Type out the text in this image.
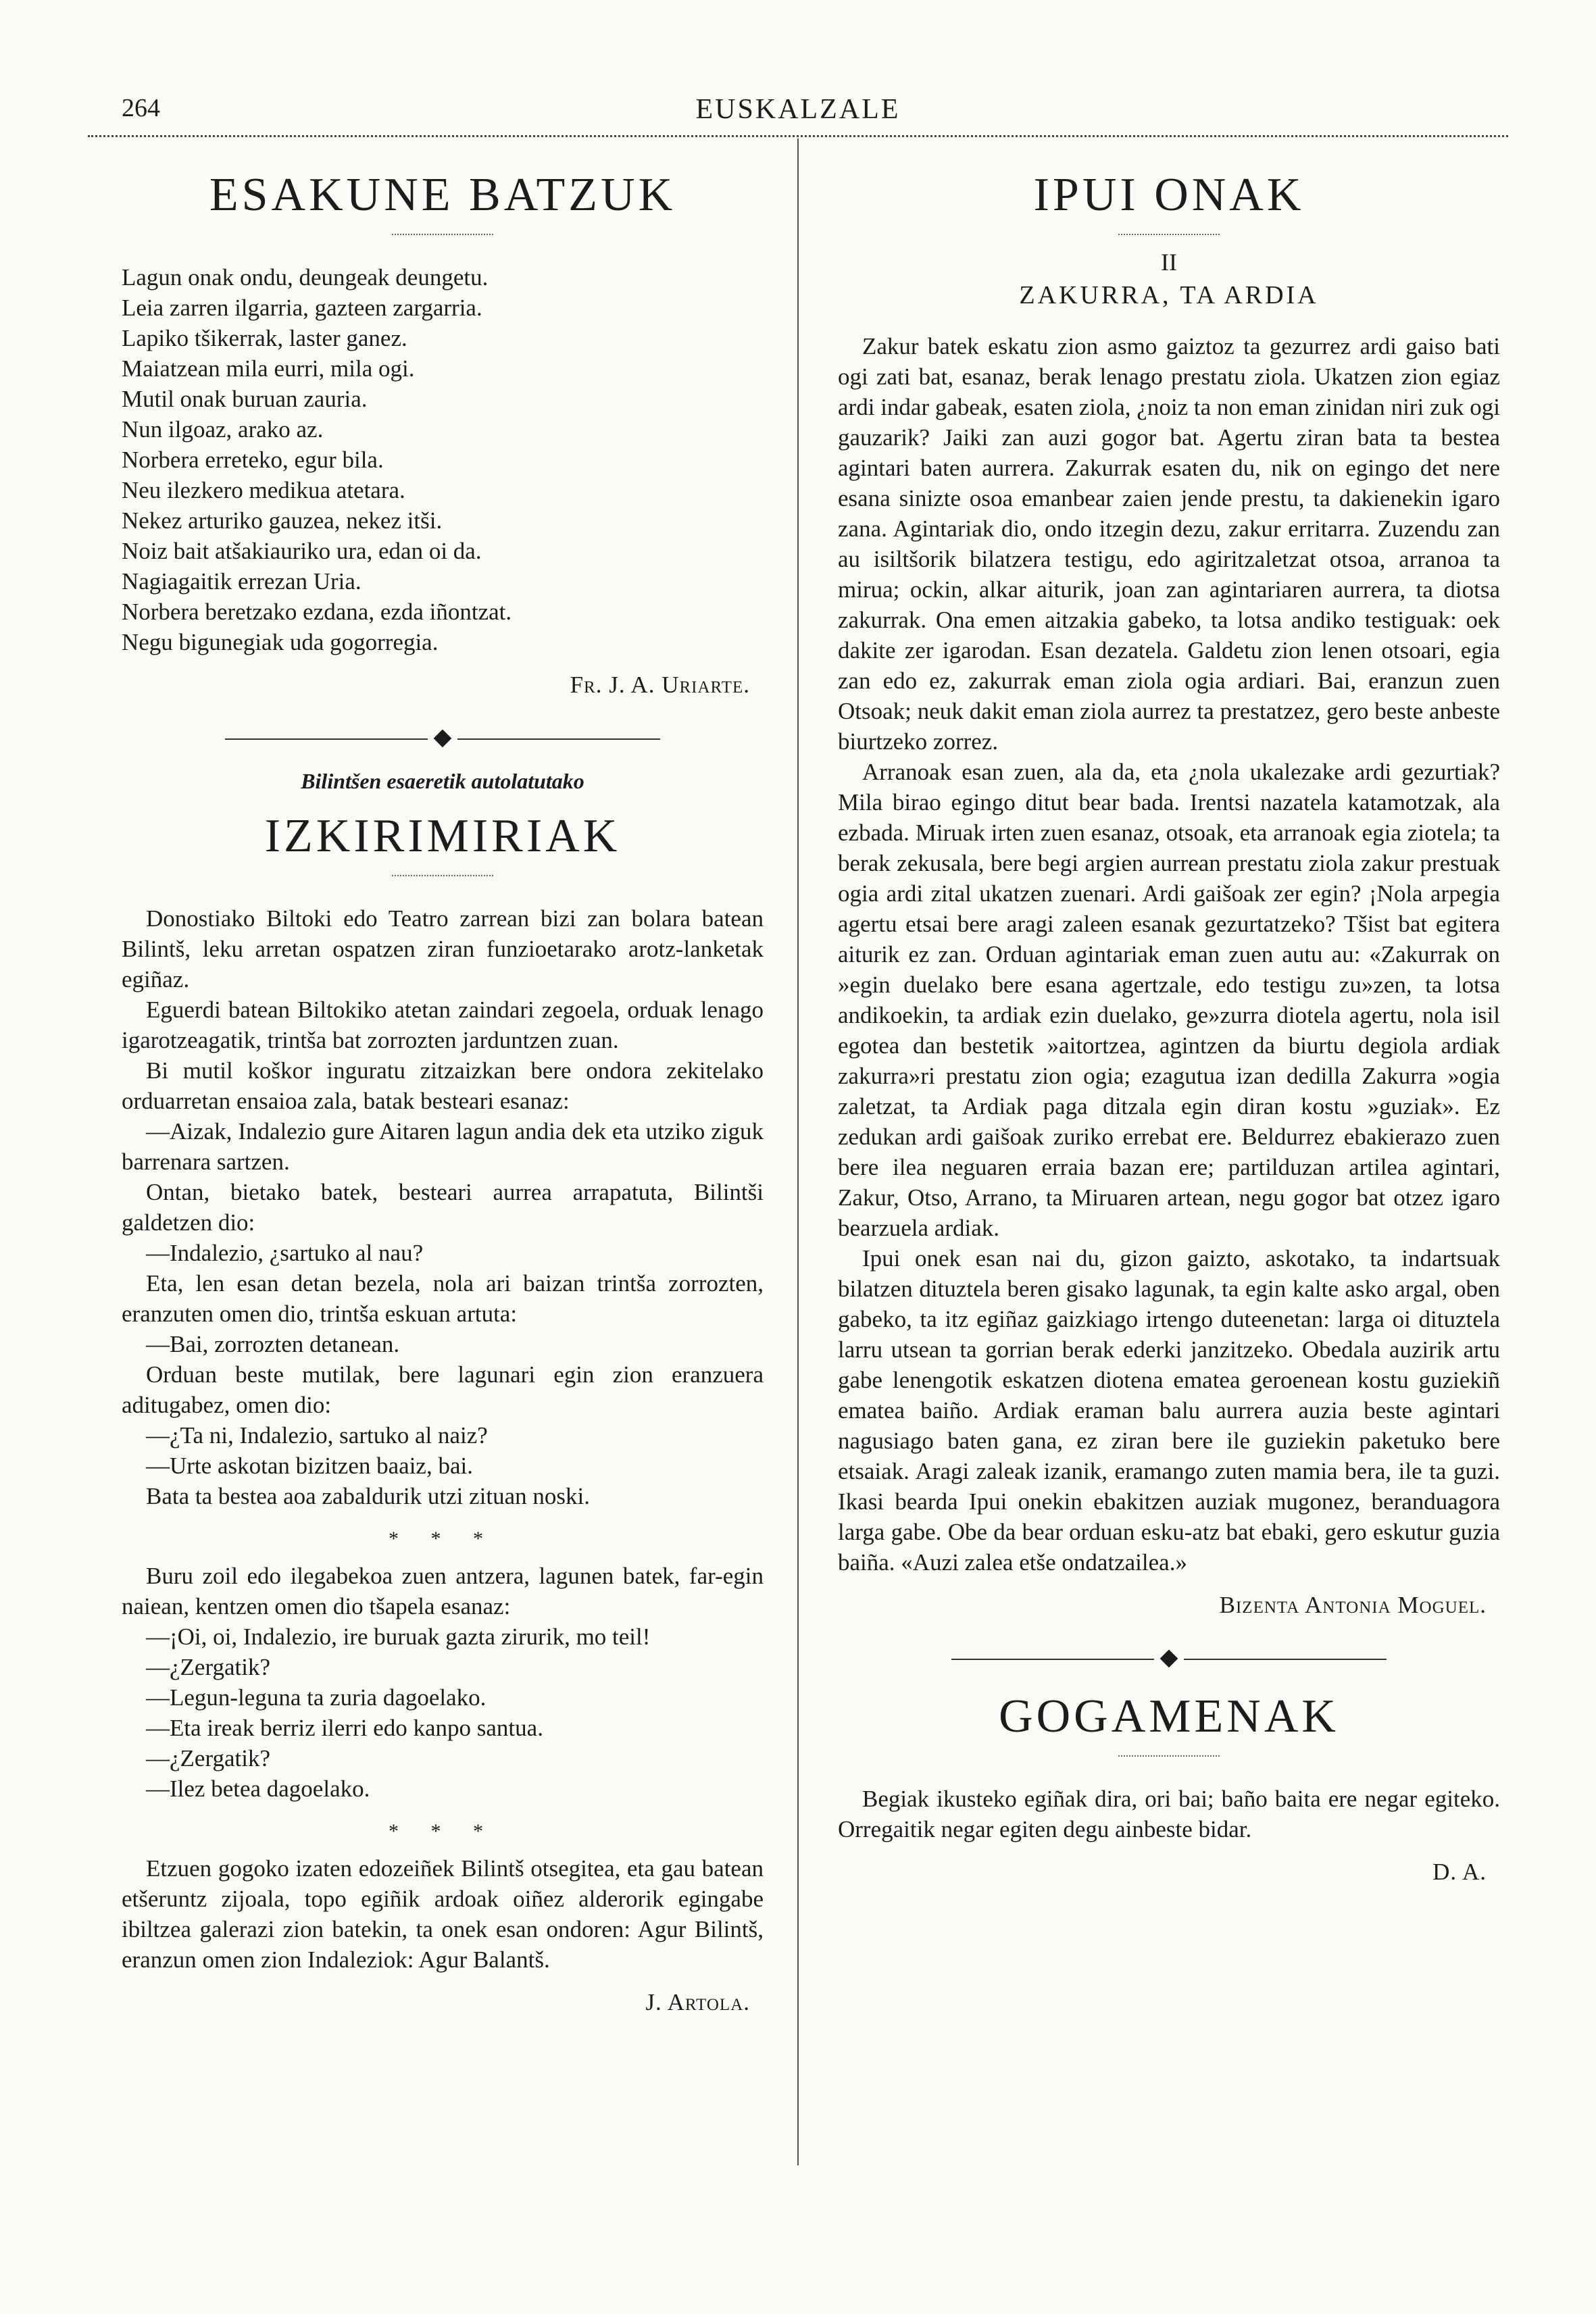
264	EUSKALZALE
ESAKUNE BATZUK
Lagun onak ondu, deungeak deungetu.
Leia zarren ilgarria, gazteen zargarria.
Lapiko tšikerrak, laster ganez.
Maiatzean mila eurri, mila ogi.
Mutil onak buruan zauria.
Nun ilgoaz, arako az.
Norbera erreteko, egur bila.
Neu ilezkero medikua atetara.
Nekez arturiko gauzea, nekez itši.
Noiz bait atšakiauriko ura, edan oi da.
Nagiagaitik errezan Uria.
Norbera beretzako ezdana, ezda iñontzat.
Negu bigunegiak uda gogorregia.
Fr. J. A. Uriarte.
◆
Bilintšen esaeretik autolatutako
IZKIRIMIRIAK

Donostiako Biltoki edo Teatro zarrean bizi zan bolara batean Bilintš, leku arretan ospatzen ziran funzioetarako arotz-lanketak egiñaz.

Eguerdi batean Biltokiko atetan zaindari zegoela, orduak lenago igarotzeagatik, trintša bat zorrozten jarduntzen zuan.

Bi mutil koškor inguratu zitzaizkan bere ondora zekitelako orduarretan ensaioa zala, batak besteari esanaz:

—Aizak, Indalezio gure Aitaren lagun andia dek eta utziko ziguk barrenara sartzen.

Ontan, bietako batek, besteari aurrea arrapatuta, Bilintši galdetzen dio:

—Indalezio, ¿sartuko al nau?

Eta, len esan detan bezela, nola ari baizan trintša zorrozten, eranzuten omen dio, trintša eskuan artuta:

—Bai, zorrozten detanean.

Orduan beste mutilak, bere lagunari egin zion eranzuera aditugabez, omen dio:

—¿Ta ni, Indalezio, sartuko al naiz?

—Urte askotan bizitzen baaiz, bai.

Bata ta bestea aoa zabaldurik utzi zituan noski.

* * *

Buru zoil edo ilegabekoa zuen antzera, lagunen batek, far-egin naiean, kentzen omen dio tšapela esanaz:

—¡Oi, oi, Indalezio, ire buruak gazta zirurik, mo teil!

—¿Zergatik?

—Legun-leguna ta zuria dagoelako.

—Eta ireak berriz ilerri edo kanpo santua.

—¿Zergatik?

—Ilez betea dagoelako.

* * *

Etzuen gogoko izaten edozeiñek Bilintš otsegitea, eta gau batean etšeruntz zijoala, topo egiñik ardoak oiñez alderorik egingabe ibiltzea galerazi zion batekin, ta onek esan ondoren: Agur Bilintš, eranzun omen zion Indaleziok: Agur Balantš.

J. Artola.
IPUI ONAK
II
ZAKURRA, TA ARDIA

Zakur batek eskatu zion asmo gaiztoz ta gezurrez ardi gaiso bati ogi zati bat, esanaz, berak lenago prestatu ziola. Ukatzen zion egiaz ardi indar gabeak, esaten ziola, ¿noiz ta non eman zinidan niri zuk ogi gauzarik? Jaiki zan auzi gogor bat. Agertu ziran bata ta bestea agintari baten aurrera. Zakurrak esaten du, nik on egingo det nere esana sinizte osoa emanbear zaien jende prestu, ta dakienekin igaro zana. Agintariak dio, ondo itzegin dezu, zakur erritarra. Zuzendu zan au isiltšorik bilatzera testigu, edo agiritzaletzat otsoa, arranoa ta mirua; ockin, alkar aiturik, joan zan agintariaren aurrera, ta diotsa zakurrak. Ona emen aitzakia gabeko, ta lotsa andiko testiguak: oek dakite zer igarodan. Esan dezatela. Galdetu zion lenen otsoari, egia zan edo ez, zakurrak eman ziola ogia ardiari. Bai, eranzun zuen Otsoak; neuk dakit eman ziola aurrez ta prestatzez, gero beste anbeste biurtzeko zorrez.

Arranoak esan zuen, ala da, eta ¿nola ukalezake ardi gezurtiak? Mila birao egingo ditut bear bada. Irentsi nazatela katamotzak, ala ezbada. Miruak irten zuen esanaz, otsoak, eta arranoak egia ziotela; ta berak zekusala, bere begi argien aurrean prestatu ziola zakur prestuak ogia ardi zital ukatzen zuenari. Ardi gaišoak zer egin? ¡Nola arpegia agertu etsai bere aragi zaleen esanak gezurtatzeko? Tšist bat egitera aiturik ez zan. Orduan agintariak eman zuen autu au: «Zakurrak on »egin duelako bere esana agertzale, edo testigu zu»zen, ta lotsa andikoekin, ta ardiak ezin duelako, ge»zurra diotela agertu, nola isil egotea dan bestetik »aitortzea, agintzen da biurtu degiola ardiak zakurra»ri prestatu zion ogia; ezagutua izan dedilla Zakurra »ogia zaletzat, ta Ardiak paga ditzala egin diran kostu »guziak». Ez zedukan ardi gaišoak zuriko errebat ere. Beldurrez ebakierazo zuen bere ilea neguaren erraia bazan ere; partilduzan artilea agintari, Zakur, Otso, Arrano, ta Miruaren artean, negu gogor bat otzez igaro bearzuela ardiak.

Ipui onek esan nai du, gizon gaizto, askotako, ta indartsuak bilatzen dituztela beren gisako lagunak, ta egin kalte asko argal, oben gabeko, ta itz egiñaz gaizkiago irtengo duteenetan: larga oi dituztela larru utsean ta gorrian berak ederki janzitzeko. Obedala auzirik artu gabe lenengotik eskatzen diotena ematea geroenean kostu guziekiñ ematea baiño. Ardiak eraman balu aurrera auzia beste agintari nagusiago baten gana, ez ziran bere ile guziekin paketuko bere etsaiak. Aragi zaleak izanik, eramango zuten mamia bera, ile ta guzi. Ikasi bearda Ipui onekin ebakitzen auziak mugonez, beranduagora larga gabe. Obe da bear orduan esku-atz bat ebaki, gero eskutur guzia baiña. «Auzi zalea etše ondatzailea.»

Bizenta Antonia Moguel.
◆
GOGAMENAK

Begiak ikusteko egiñak dira, ori bai; baño baita ere negar egiteko. Orregaitik negar egiten degu ainbeste bidar.

D. A.
